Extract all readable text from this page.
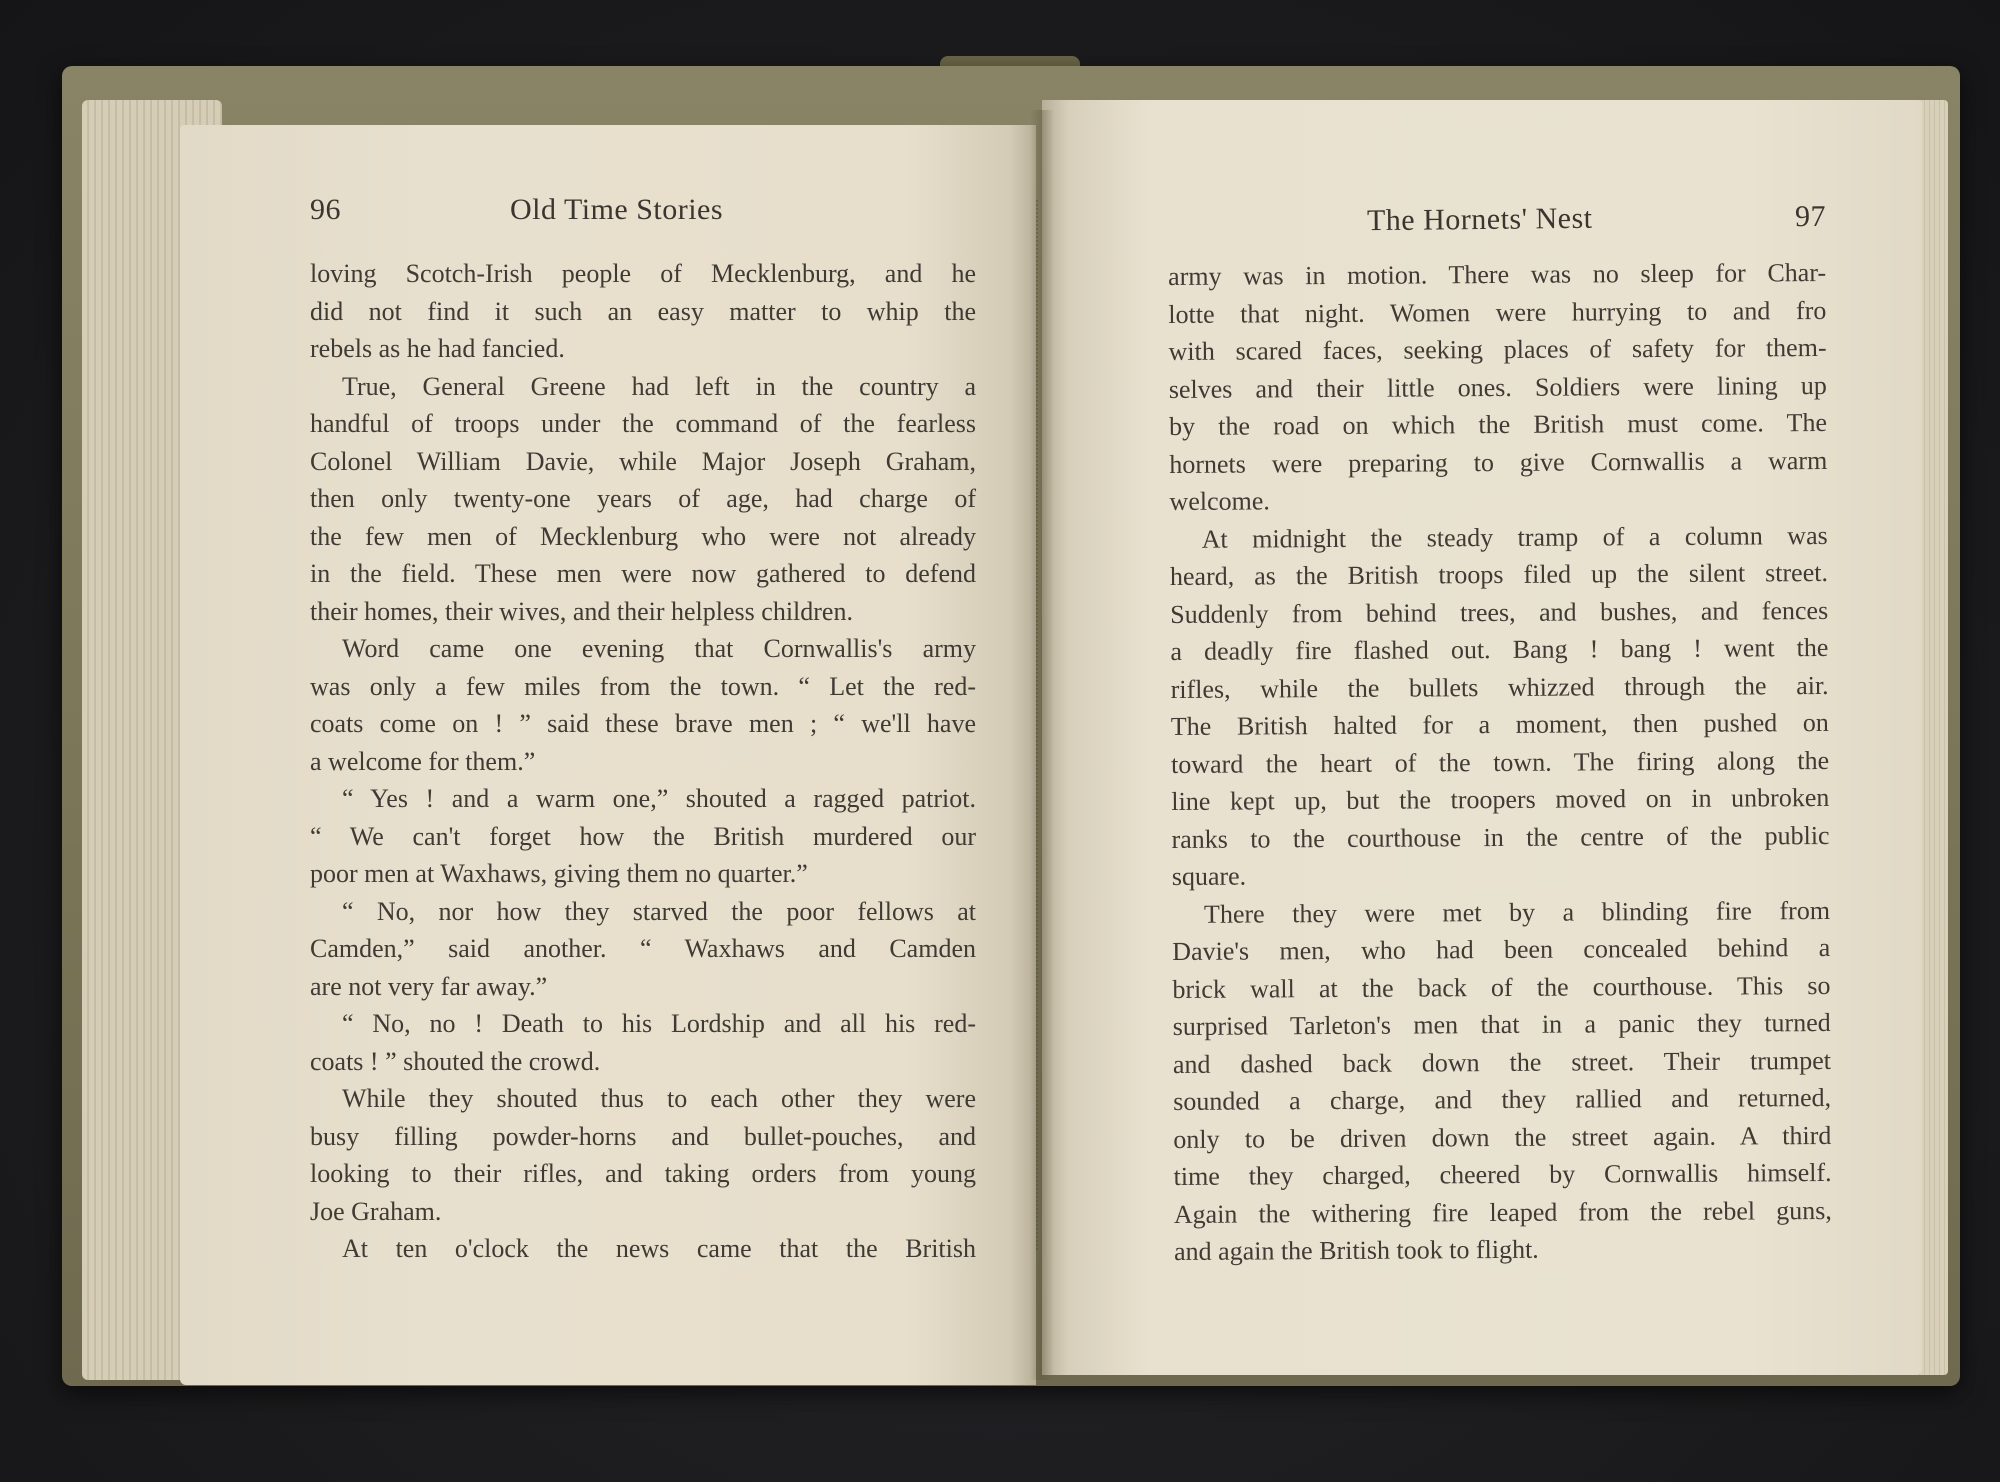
96	Old Time Stories	The Hornets' Nest	97
loving Scotch-Irish people of Mecklenburg, and he
did not find it such an easy matter to whip the
rebels as he had fancied.
True, General Greene had left in the country a
handful of troops under the command of the fearless
Colonel William Davie, while Major Joseph Graham,
then only twenty-one years of age, had charge of
the few men of Mecklenburg who were not already
in the field. These men were now gathered to defend
their homes, their wives, and their helpless children.
Word came one evening that Cornwallis's army
was only a few miles from the town. “ Let the red-
coats come on ! ” said these brave men ; “ we'll have
a welcome for them.”
“ Yes ! and a warm one,” shouted a ragged patriot.
“ We can't forget how the British murdered our
poor men at Waxhaws, giving them no quarter.”
“ No, nor how they starved the poor fellows at
Camden,” said another. “ Waxhaws and Camden
are not very far away.”
“ No, no ! Death to his Lordship and all his red-
coats ! ” shouted the crowd.
While they shouted thus to each other they were
busy filling powder-horns and bullet-pouches, and
looking to their rifles, and taking orders from young
Joe Graham.
At ten o'clock the news came that the British
army was in motion. There was no sleep for Char-
lotte that night. Women were hurrying to and fro
with scared faces, seeking places of safety for them-
selves and their little ones. Soldiers were lining up
by the road on which the British must come. The
hornets were preparing to give Cornwallis a warm
welcome.
At midnight the steady tramp of a column was
heard, as the British troops filed up the silent street.
Suddenly from behind trees, and bushes, and fences
a deadly fire flashed out. Bang ! bang ! went the
rifles, while the bullets whizzed through the air.
The British halted for a moment, then pushed on
toward the heart of the town. The firing along the
line kept up, but the troopers moved on in unbroken
ranks to the courthouse in the centre of the public
square.
There they were met by a blinding fire from
Davie's men, who had been concealed behind a
brick wall at the back of the courthouse. This so
surprised Tarleton's men that in a panic they turned
and dashed back down the street. Their trumpet
sounded a charge, and they rallied and returned,
only to be driven down the street again. A third
time they charged, cheered by Cornwallis himself.
Again the withering fire leaped from the rebel guns,
and again the British took to flight.
